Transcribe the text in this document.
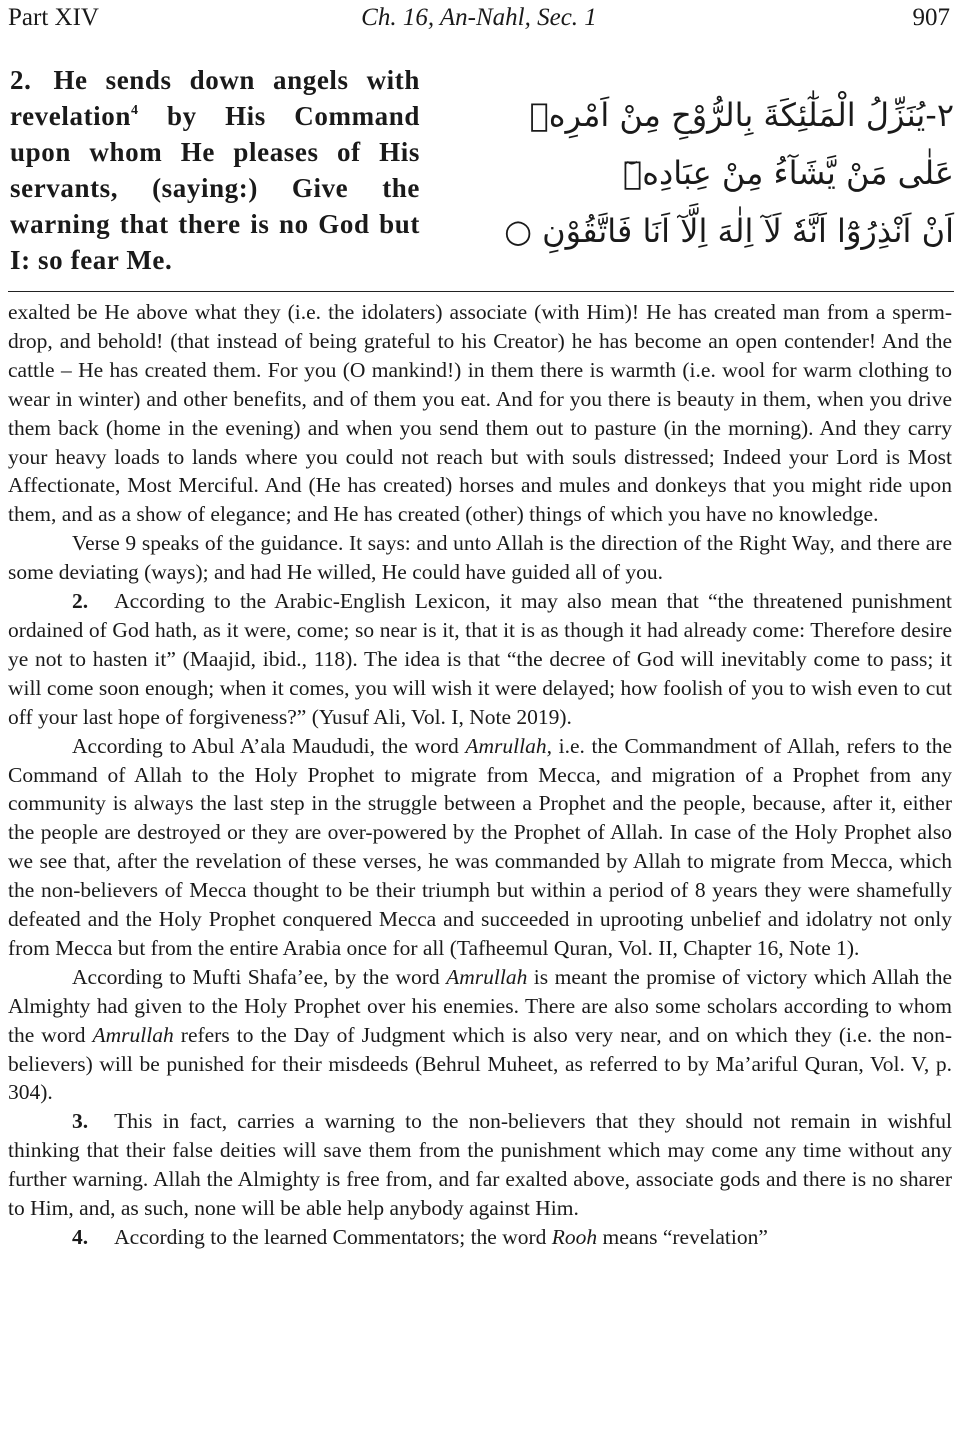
Part XIV	Ch. 16, An-Nahl, Sec. 1	907
2. He sends down angels with revelation$^4$ by His Command upon whom He pleases of His servants, (saying:) Give the warning that there is no God but I: so fear Me.
٢-يُنَزِّلُ الْمَلٰٓئِكَةَ بِالرُّوْحِ مِنْ اَمْرِهٖ
عَلٰى مَنْ يَّشَآءُ مِنْ عِبَادِهٖٓ
اَنْ اَنْذِرُوْٓا اَنَّهٗ لَآ اِلٰهَ اِلَّآ اَنَا فَاتَّقُوْنِ ○

exalted be He above what they (i.e. the idolaters) associate (with Him)! He has created man from a sperm-drop, and behold! (that instead of being grateful to his Creator) he has become an open contender! And the cattle – He has created them. For you (O mankind!) in them there is warmth (i.e. wool for warm clothing to wear in winter) and other benefits, and of them you eat. And for you there is beauty in them, when you drive them back (home in the evening) and when you send them out to pasture (in the morning). And they carry your heavy loads to lands where you could not reach but with souls distressed; Indeed your Lord is Most Affectionate, Most Merciful. And (He has created) horses and mules and donkeys that you might ride upon them, and as a show of elegance; and He has created (other) things of which you have no knowledge.

Verse 9 speaks of the guidance. It says: and unto Allah is the direction of the Right Way, and there are some deviating (ways); and had He willed, He could have guided all of you.

2. According to the Arabic-English Lexicon, it may also mean that “the threatened punishment ordained of God hath, as it were, come; so near is it, that it is as though it had already come: Therefore desire ye not to hasten it” (Maajid, ibid., 118). The idea is that “the decree of God will inevitably come to pass; it will come soon enough; when it comes, you will wish it were delayed; how foolish of you to wish even to cut off your last hope of forgiveness?” (Yusuf Ali, Vol. I, Note 2019).

According to Abul A’ala Maududi, the word Amrullah, i.e. the Commandment of Allah, refers to the Command of Allah to the Holy Prophet to migrate from Mecca, and migration of a Prophet from any community is always the last step in the struggle between a Prophet and the people, because, after it, either the people are destroyed or they are over-powered by the Prophet of Allah. In case of the Holy Prophet also we see that, after the revelation of these verses, he was commanded by Allah to migrate from Mecca, which the non-believers of Mecca thought to be their triumph but within a period of 8 years they were shamefully defeated and the Holy Prophet conquered Mecca and succeeded in uprooting unbelief and idolatry not only from Mecca but from the entire Arabia once for all (Tafheemul Quran, Vol. II, Chapter 16, Note 1).

According to Mufti Shafa’ee, by the word Amrullah is meant the promise of victory which Allah the Almighty had given to the Holy Prophet over his enemies. There are also some scholars according to whom the word Amrullah refers to the Day of Judgment which is also very near, and on which they (i.e. the non-believers) will be punished for their misdeeds (Behrul Muheet, as referred to by Ma’ariful Quran, Vol. V, p. 304).

3. This in fact, carries a warning to the non-believers that they should not remain in wishful thinking that their false deities will save them from the punishment which may come any time without any further warning. Allah the Almighty is free from, and far exalted above, associate gods and there is no sharer to Him, and, as such, none will be able help anybody against Him.

4. According to the learned Commentators; the word Rooh means “revelation”
